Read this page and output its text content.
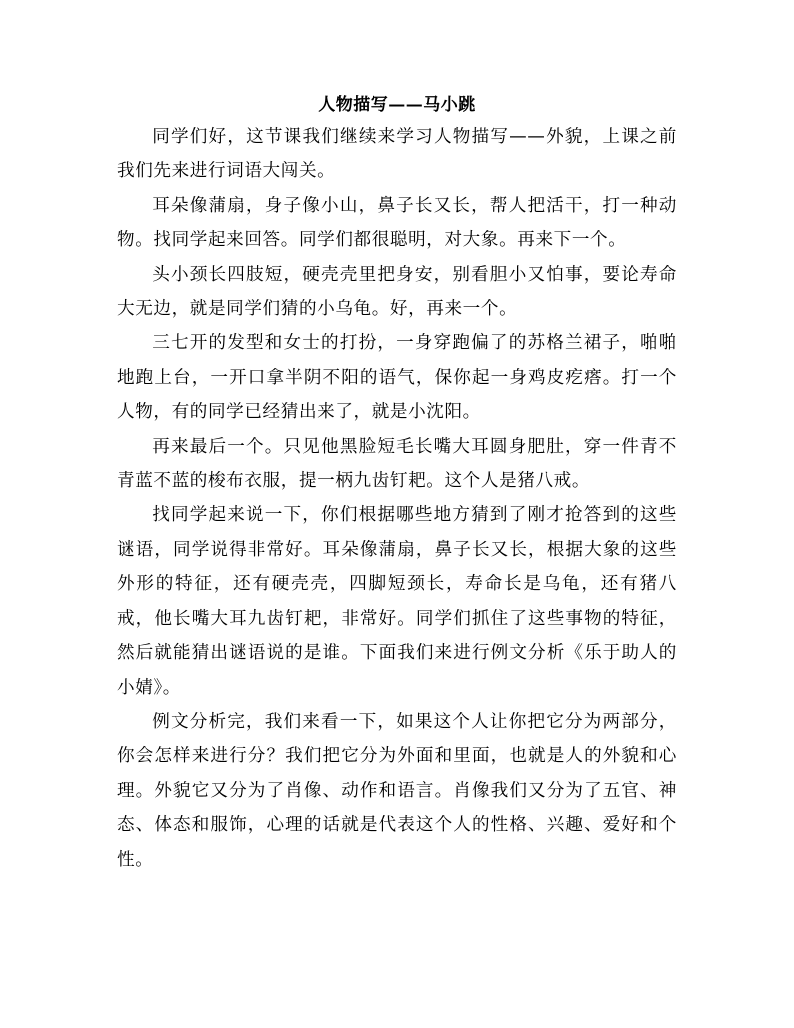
人物描写——马小跳

同学们好，这节课我们继续来学习人物描写——外貌，上课之前我们先来进行词语大闯关。

耳朵像蒲扇，身子像小山，鼻子长又长，帮人把活干，打一种动物。找同学起来回答。同学们都很聪明，对大象。再来下一个。

头小颈长四肢短，硬壳壳里把身安，别看胆小又怕事，要论寿命大无边，就是同学们猜的小乌龟。好，再来一个。

三七开的发型和女士的打扮，一身穿跑偏了的苏格兰裙子，啪啪地跑上台，一开口拿半阴不阳的语气，保你起一身鸡皮疙瘩。打一个人物，有的同学已经猜出来了，就是小沈阳。

再来最后一个。只见他黑脸短毛长嘴大耳圆身肥肚，穿一件青不青蓝不蓝的梭布衣服，提一柄九齿钉耙。这个人是猪八戒。

找同学起来说一下，你们根据哪些地方猜到了刚才抢答到的这些谜语，同学说得非常好。耳朵像蒲扇，鼻子长又长，根据大象的这些外形的特征，还有硬壳壳，四脚短颈长，寿命长是乌龟，还有猪八戒，他长嘴大耳九齿钉耙，非常好。同学们抓住了这些事物的特征，然后就能猜出谜语说的是谁。下面我们来进行例文分析《乐于助人的小婧》。

例文分析完，我们来看一下，如果这个人让你把它分为两部分，你会怎样来进行分？我们把它分为外面和里面，也就是人的外貌和心理。外貌它又分为了肖像、动作和语言。肖像我们又分为了五官、神态、体态和服饰，心理的话就是代表这个人的性格、兴趣、爱好和个性。
